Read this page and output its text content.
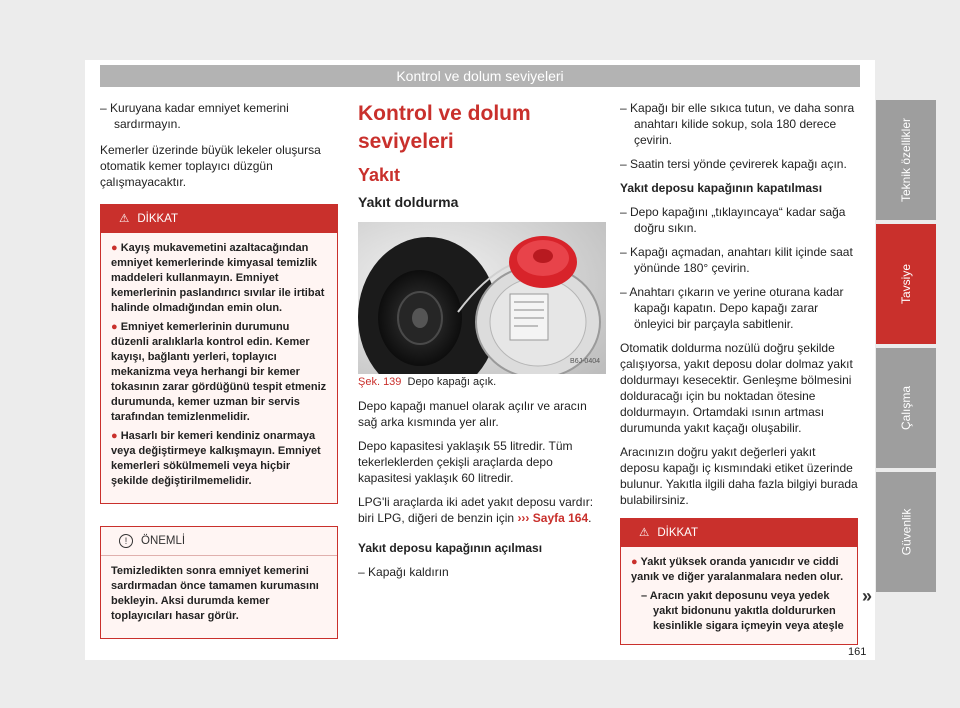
Kontrol ve dolum seviyeleri

– Kuruyana kadar emniyet kemerini sardırmayın.

Kemerler üzerinde büyük lekeler oluşursa otomatik kemer toplayıcı düzgün çalışmayacaktır.

⚠ DİKKAT

● Kayış mukavemetini azaltacağından emniyet kemerlerinde kimyasal temizlik maddeleri kullanmayın. Emniyet kemerlerinin paslandırıcı sıvılar ile irtibat halinde olmadığından emin olun.

● Emniyet kemerlerinin durumunu düzenli aralıklarla kontrol edin. Kemer kayışı, bağlantı yerleri, toplayıcı mekanizma veya herhangi bir kemer tokasının zarar gördüğünü tespit etmeniz durumunda, kemer uzman bir servis tarafından temizlenmelidir.

● Hasarlı bir kemeri kendiniz onarmaya veya değiştirmeye kalkışmayın. Emniyet kemerleri sökülmemeli veya hiçbir şekilde değiştirilmemelidir.

!	ÖNEMLİ

Temizledikten sonra emniyet kemerini sardırmadan önce tamamen kurumasını bekleyin. Aksi durumda kemer toplayıcıları hasar görür.

Kontrol ve dolum seviyeleri
Yakıt
Yakıt doldurma
B6J-0404

Şek. 139 Depo kapağı açık.

Depo kapağı manuel olarak açılır ve aracın sağ arka kısmında yer alır.

Depo kapasitesi yaklaşık 55 litredir. Tüm tekerleklerden çekişli araçlarda depo kapasitesi yaklaşık 60 litredir.

LPG'li araçlarda iki adet yakıt deposu vardır: biri LPG, diğeri de benzin için ››› Sayfa 164.

Yakıt deposu kapağının açılması

– Kapağı kaldırın

– Kapağı bir elle sıkıca tutun, ve daha sonra anahtarı kilide sokup, sola 180 derece çevirin.

– Saatin tersi yönde çevirerek kapağı açın.

Yakıt deposu kapağının kapatılması

– Depo kapağını „tıklayıncaya“ kadar sağa doğru sıkın.

– Kapağı açmadan, anahtarı kilit içinde saat yönünde 180° çevirin.

– Anahtarı çıkarın ve yerine oturana kadar kapağı kapatın. Depo kapağı zarar önleyici bir parçayla sabitlenir.

Otomatik doldurma nozülü doğru şekilde çalışıyorsa, yakıt deposu dolar dolmaz yakıt doldurmayı kesecektir. Genleşme bölmesini dolduracağı için bu noktadan ötesine doldurmayın. Ortamdaki ısının artması durumunda yakıt kaçağı oluşabilir.

Aracınızın doğru yakıt değerleri yakıt deposu kapağı iç kısmındaki etiket üzerinde bulunur. Yakıtla ilgili daha fazla bilgiyi burada bulabilirsiniz.

⚠ DİKKAT

● Yakıt yüksek oranda yanıcıdır ve ciddi yanık ve diğer yaralanmalara neden olur.

– Aracın yakıt deposunu veya yedek yakıt bidonunu yakıtla doldururken kesinlikle sigara içmeyin veya ateşle

»
Teknik özellikler
Tavsiye
Çalışma
Güvenlik
161
